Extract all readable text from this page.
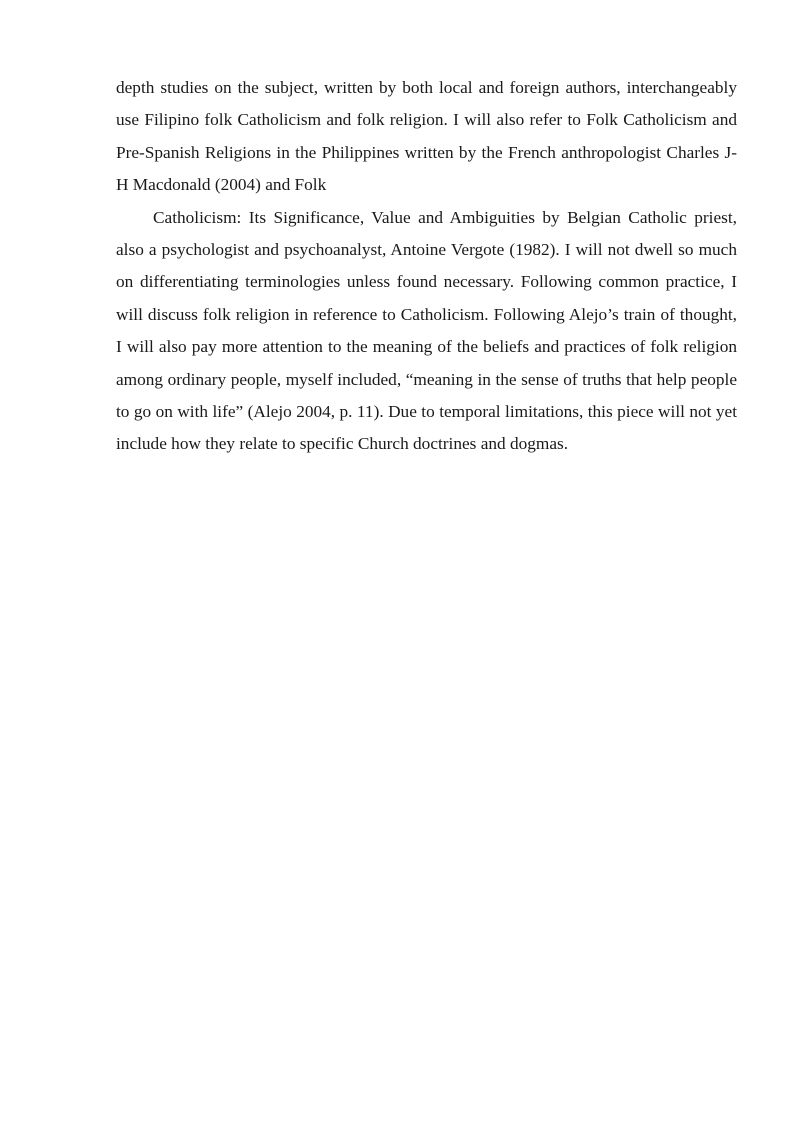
depth studies on the subject, written by both local and foreign authors, interchangeably use Filipino folk Catholicism and folk religion. I will also refer to Folk Catholicism and Pre-Spanish Religions in the Philippines written by the French anthropologist Charles J-H Macdonald (2004) and Folk

Catholicism: Its Significance, Value and Ambiguities by Belgian Catholic priest, also a psychologist and psychoanalyst, Antoine Vergote (1982). I will not dwell so much on differentiating terminologies unless found necessary. Following common practice, I will discuss folk religion in reference to Catholicism. Following Alejo’s train of thought, I will also pay more attention to the meaning of the beliefs and practices of folk religion among ordinary people, myself included, “meaning in the sense of truths that help people to go on with life” (Alejo 2004, p. 11). Due to temporal limitations, this piece will not yet include how they relate to specific Church doctrines and dogmas.
